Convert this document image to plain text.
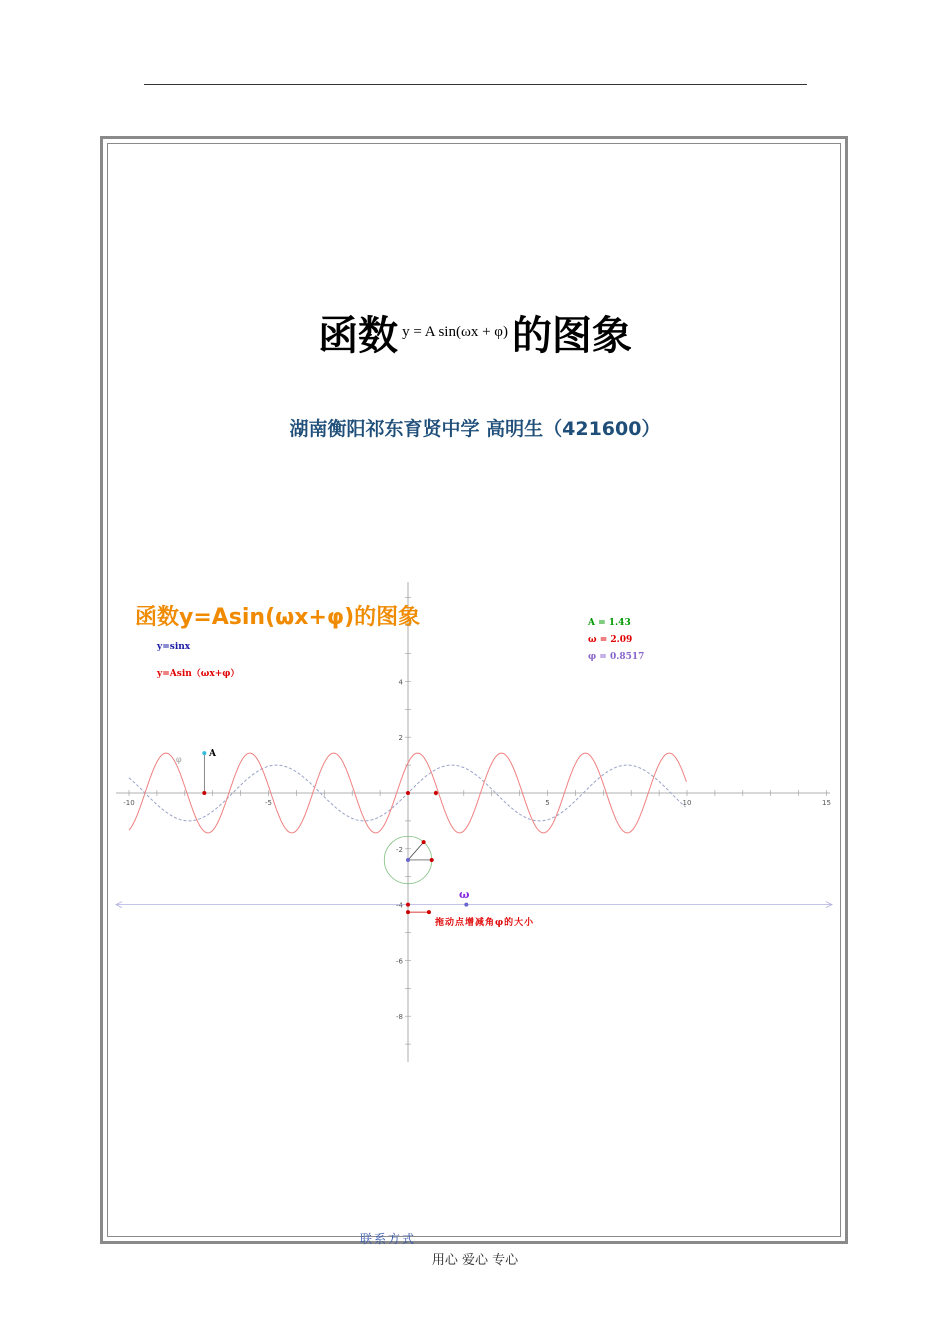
函数 y = A sin(ωx + φ) 的图象
湖南衡阳祁东育贤中学 高明生（421600）
-10	-5	5	10	15
4
2
-2
-4
-6
-8
函数y=Asin(ωx+φ)的图象
y=sinx
y=Asin（ωx+φ）
A = 1.43
ω = 2.09
φ = 0.8517
A
φ
ω
拖动点增减角φ的大小
联系方式
用心 爱心 专心
